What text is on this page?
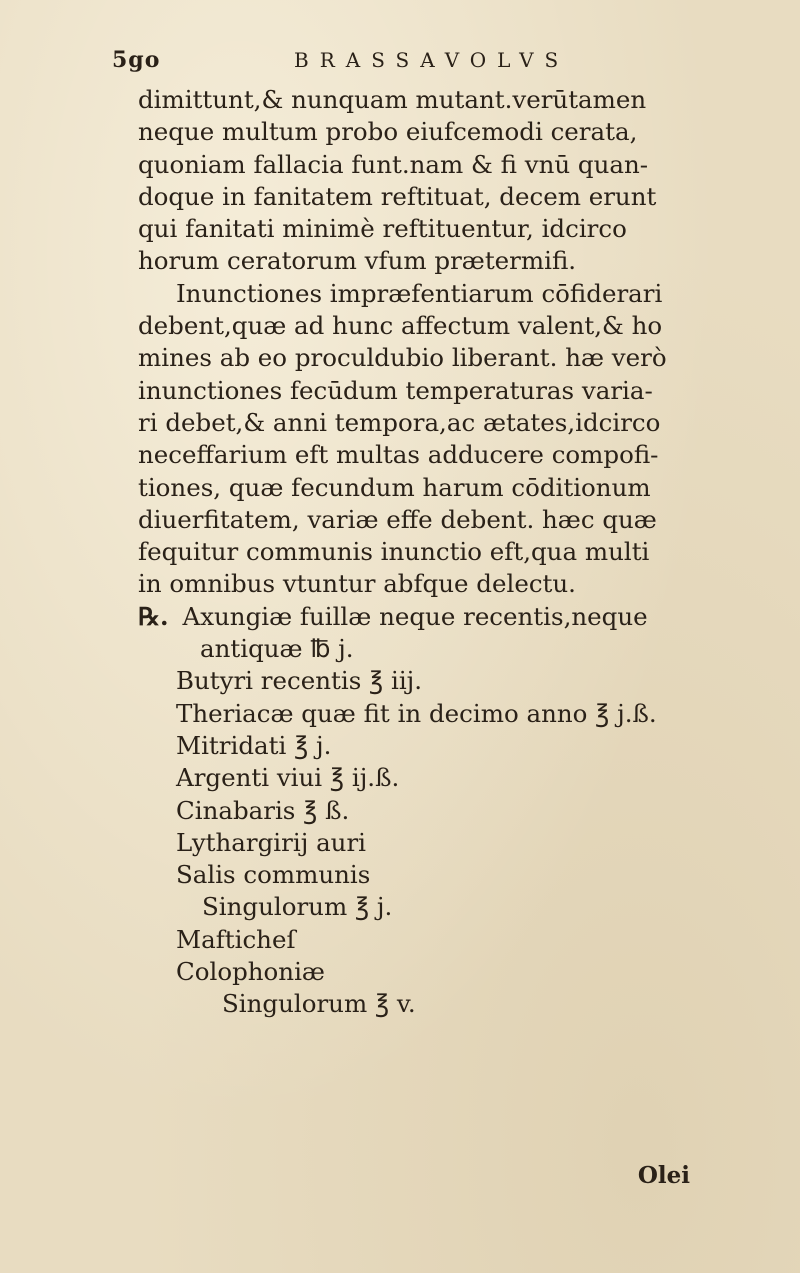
5go	BRASSAVOLVS
dimittunt,& nunquam mutant.verūtamen
neque multum probo eiufcemodi cerata,
quoniam fallacia funt.nam & fi vnū quan-
doque in fanitatem reftituat, decem erunt
qui fanitati minimè reftituentur, idcirco
horum ceratorum vfum prætermifi.
Inunctiones impræfentiarum cōfiderari
debent,quæ ad hunc affectum valent,& ho
mines ab eo proculdubio liberant. hæ verò
inunctiones fecūdum temperaturas varia-
ri debet,& anni tempora,ac ætates,idcirco
neceffarium eft multas adducere compofi-
tiones, quæ fecundum harum cōditionum
diuerfitatem, variæ effe debent. hæc quæ
fequitur communis inunctio eft,qua multi
in omnibus vtuntur abfque delectu.
℞. Axungiæ fuillæ neque recentis,neque
antiquæ ℔ j.
Butyri recentis ℥ iij.
Theriacæ quæ fit in decimo anno ℥ j.ß.
Mitridati ℥ j.
Argenti viui ℥ ij.ß.
Cinabaris ℥ ß.
Lythargirij auri
Salis communis
Singulorum ℥ j.
Mafticheſ
Colophoniæ
Singulorum ℥ v.
Olei
